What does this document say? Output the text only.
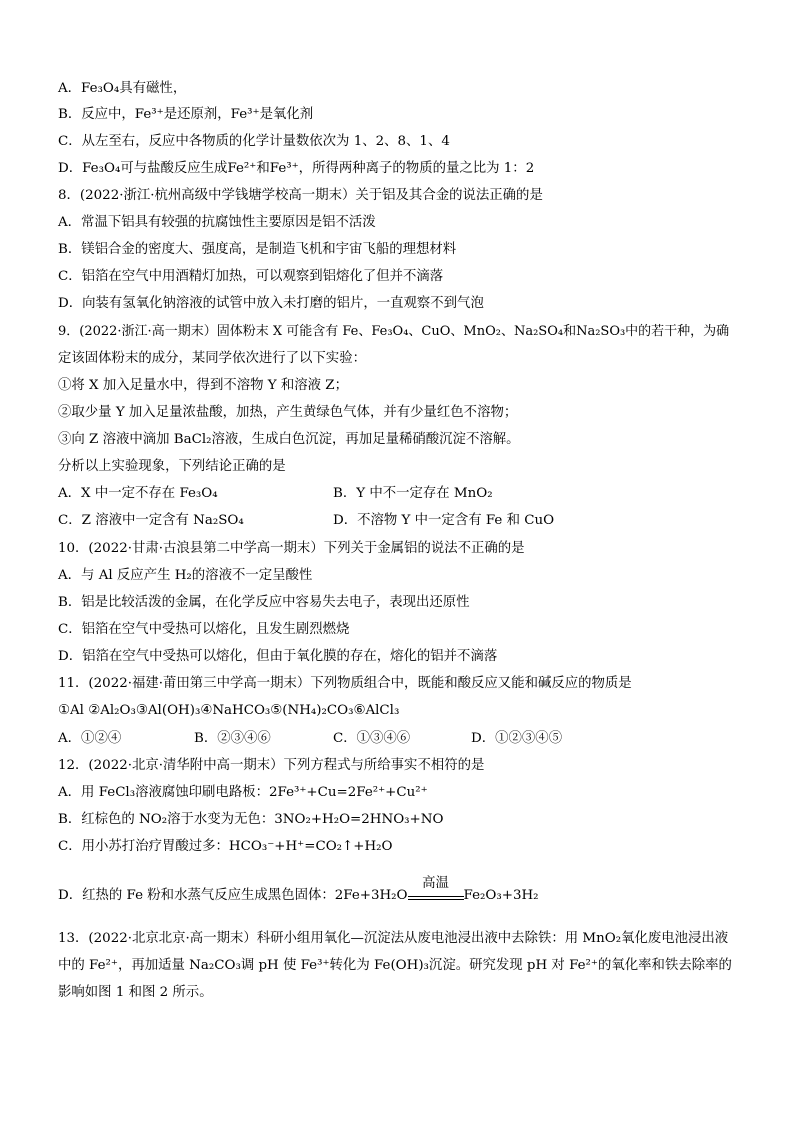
A．Fe₃O₄具有磁性，
B．反应中，Fe³⁺是还原剂，Fe³⁺是氧化剂
C．从左至右，反应中各物质的化学计量数依次为 1、2、8、1、4
D．Fe₃O₄可与盐酸反应生成Fe²⁺和Fe³⁺，所得两种离子的物质的量之比为 1：2
8．(2022·浙江·杭州高级中学钱塘学校高一期末）关于铝及其合金的说法正确的是
A．常温下铝具有较强的抗腐蚀性主要原因是铝不活泼
B．镁铝合金的密度大、强度高，是制造飞机和宇宙飞船的理想材料
C．铝箔在空气中用酒精灯加热，可以观察到铝熔化了但并不滴落
D．向装有氢氧化钠溶液的试管中放入未打磨的铝片，一直观察不到气泡
9．(2022·浙江·高一期末）固体粉末 X 可能含有 Fe、Fe₃O₄、CuO、MnO₂、Na₂SO₄和Na₂SO₃中的若干种，为确
定该固体粉末的成分，某同学依次进行了以下实验：
①将 X 加入足量水中，得到不溶物 Y 和溶液 Z；
②取少量 Y 加入足量浓盐酸，加热，产生黄绿色气体，并有少量红色不溶物；
③向 Z 溶液中滴加 BaCl₂溶液，生成白色沉淀，再加足量稀硝酸沉淀不溶解。
分析以上实验现象，下列结论正确的是
A．X 中一定不存在 Fe₃O₄	B．Y 中不一定存在 MnO₂
C．Z 溶液中一定含有 Na₂SO₄	D．不溶物 Y 中一定含有 Fe 和 CuO
10．(2022·甘肃·古浪县第二中学高一期末）下列关于金属铝的说法不正确的是
A．与 Al 反应产生 H₂的溶液不一定呈酸性
B．铝是比较活泼的金属，在化学反应中容易失去电子，表现出还原性
C．铝箔在空气中受热可以熔化，且发生剧烈燃烧
D．铝箔在空气中受热可以熔化，但由于氧化膜的存在，熔化的铝并不滴落
11．(2022·福建·莆田第三中学高一期末）下列物质组合中，既能和酸反应又能和碱反应的物质是
①Al ②Al₂O₃③Al(OH)₃④NaHCO₃⑤(NH₄)₂CO₃⑥AlCl₃
A．①②④	B．②③④⑥	C．①③④⑥	D．①②③④⑤
12．(2022·北京·清华附中高一期末）下列方程式与所给事实不相符的是
A．用 FeCl₃溶液腐蚀印刷电路板：2Fe³⁺+Cu=2Fe²⁺+Cu²⁺
B．红棕色的 NO₂溶于水变为无色：3NO₂+H₂O=2HNO₃+NO
C．用小苏打治疗胃酸过多：HCO₃⁻+H⁺=CO₂↑+H₂O
D．红热的 Fe 粉和水蒸气反应生成黑色固体：2Fe+3H₂O
高温
Fe₂O₃+3H₂
13．(2022·北京北京·高一期末）科研小组用氧化—沉淀法从废电池浸出液中去除铁：用 MnO₂氧化废电池浸出液中的 Fe²⁺，再加适量 Na₂CO₃调 pH 使 Fe³⁺转化为 Fe(OH)₃沉淀。研究发现 pH 对 Fe²⁺的氧化率和铁去除率的影响如图 1 和图 2 所示。
